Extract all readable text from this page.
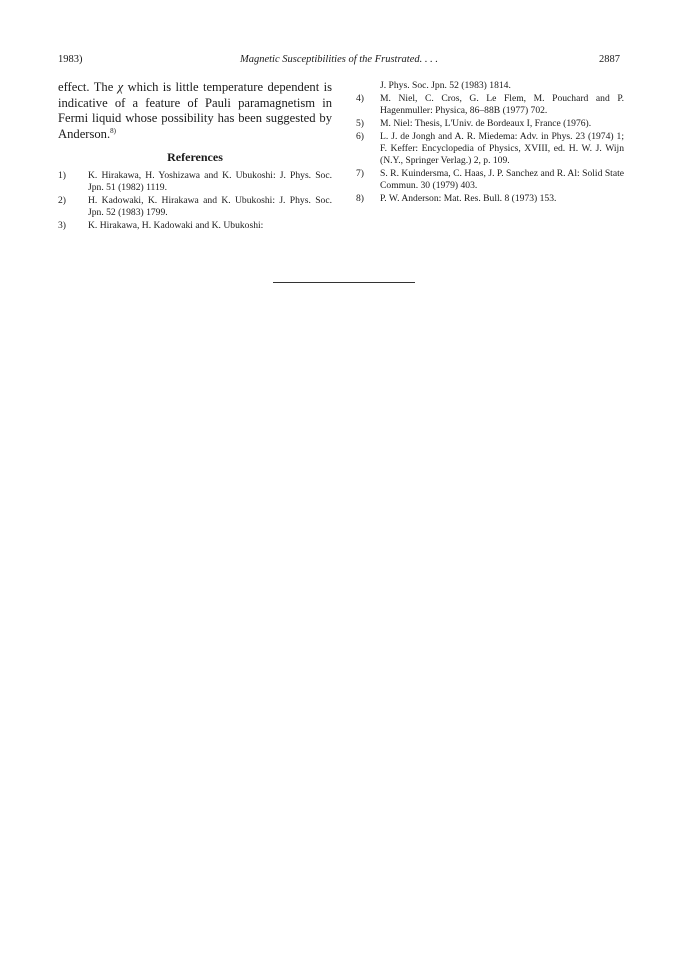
1983)	Magnetic Susceptibilities of the Frustrated. . . .	2887

effect. The χ which is little temperature dependent is indicative of a feature of Pauli paramagnetism in Fermi liquid whose possibility has been suggested by Anderson.$^{8)}$

References
1) K. Hirakawa, H. Yoshizawa and K. Ubukoshi: J. Phys. Soc. Jpn. 51 (1982) 1119.
2) H. Kadowaki, K. Hirakawa and K. Ubukoshi: J. Phys. Soc. Jpn. 52 (1983) 1799.
3) K. Hirakawa, H. Kadowaki and K. Ubukoshi:
J. Phys. Soc. Jpn. 52 (1983) 1814.
4) M. Niel, C. Cros, G. Le Flem, M. Pouchard and P. Hagenmuller: Physica, 86–88B (1977) 702.
5) M. Niel: Thesis, L'Univ. de Bordeaux I, France (1976).
6) L. J. de Jongh and A. R. Miedema: Adv. in Phys. 23 (1974) 1; F. Keffer: Encyclopedia of Physics, XVIII, ed. H. W. J. Wijn (N.Y., Springer Verlag.) 2, p. 109.
7) S. R. Kuindersma, C. Haas, J. P. Sanchez and R. Al: Solid State Commun. 30 (1979) 403.
8) P. W. Anderson: Mat. Res. Bull. 8 (1973) 153.
